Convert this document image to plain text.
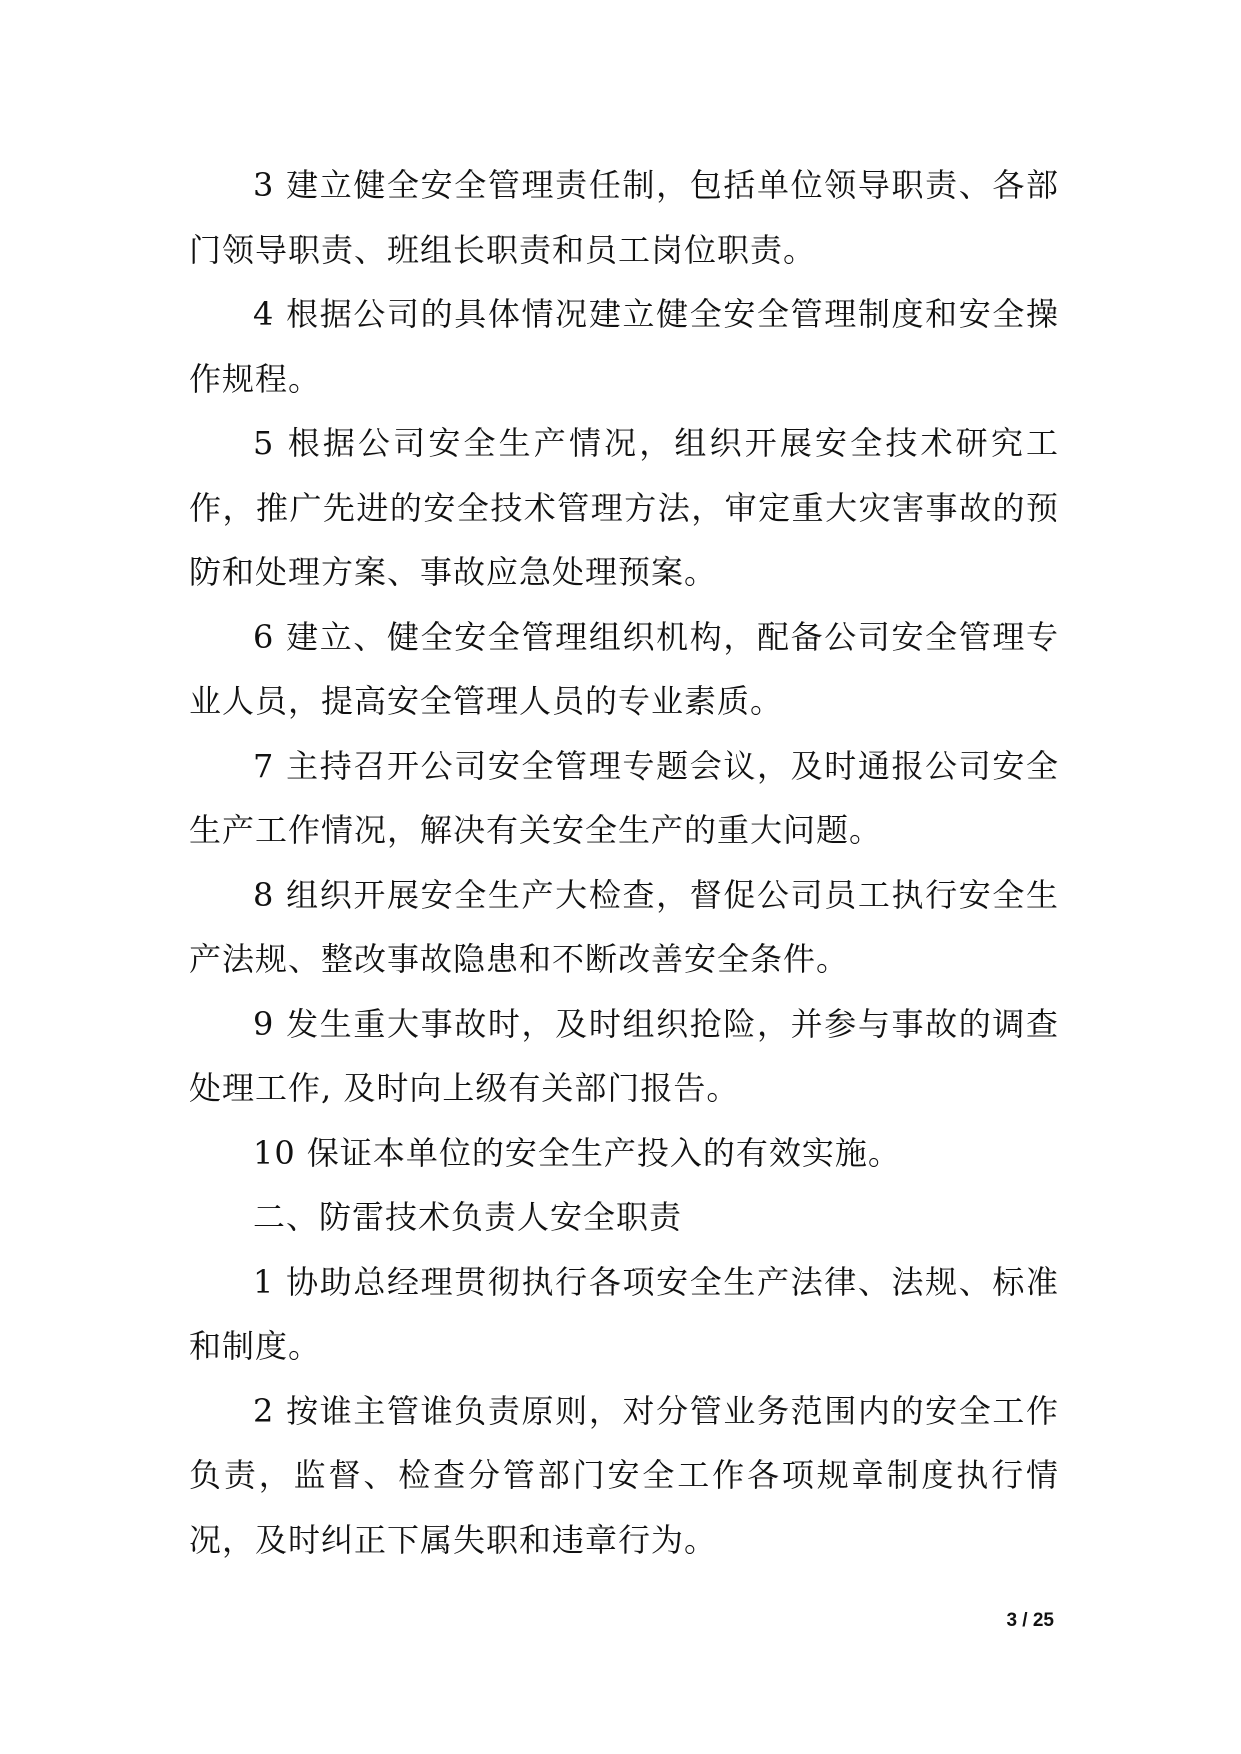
3 建立健全安全管理责任制，包括单位领导职责、各部门领导职责、班组长职责和员工岗位职责。

4 根据公司的具体情况建立健全安全管理制度和安全操作规程。

5 根据公司安全生产情况，组织开展安全技术研究工作，推广先进的安全技术管理方法，审定重大灾害事故的预防和处理方案、事故应急处理预案。

6 建立、健全安全管理组织机构，配备公司安全管理专业人员，提高安全管理人员的专业素质。

7 主持召开公司安全管理专题会议，及时通报公司安全生产工作情况，解决有关安全生产的重大问题。

8 组织开展安全生产大检查，督促公司员工执行安全生产法规、整改事故隐患和不断改善安全条件。

9 发生重大事故时，及时组织抢险，并参与事故的调查处理工作, 及时向上级有关部门报告。

10 保证本单位的安全生产投入的有效实施。

二、防雷技术负责人安全职责

1 协助总经理贯彻执行各项安全生产法律、法规、标准和制度。

2 按谁主管谁负责原则，对分管业务范围内的安全工作负责，监督、检查分管部门安全工作各项规章制度执行情况，及时纠正下属失职和违章行为。

3 / 25
